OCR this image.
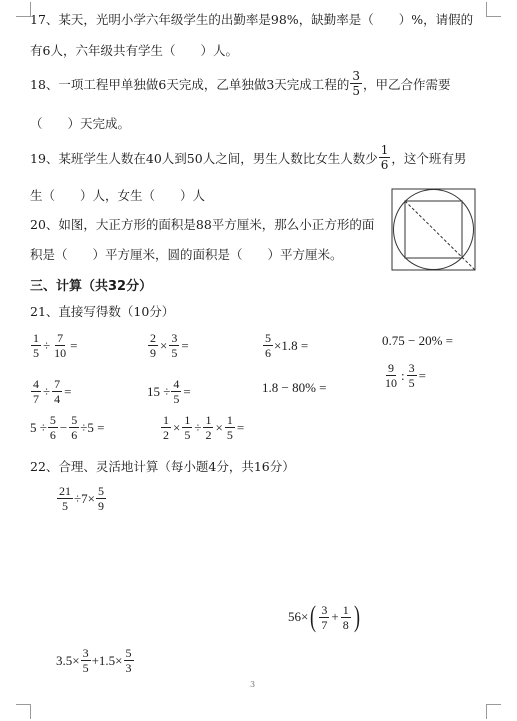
17、某天，光明小学六年级学生的出勤率是98%，缺勤率是（　　）%，请假的
有6人，六年级共有学生（　　）人。
18、一项工程甲单独做6天完成，乙单独做3天完成工程的 $\frac{3}{5}$ ，甲乙合作需要
（　　）天完成。
19、某班学生人数在40人到50人之间，男生人数比女生人数少 $\frac{1}{6}$ ，这个班有男
生（　　）人，女生（　　）人
20、如图，大正方形的面积是88平方厘米，那么小正方形的面
积是（　　）平方厘米，圆的面积是（　　）平方厘米。
三、计算（共32分）
21、直接写得数（10分）
$\frac{1}{5} \div \frac{7}{10}$ =	$\frac{2}{9} \times \frac{3}{5}$ =	$\frac{5}{6} \times 1.8$ =	0.75 − 20% =
$\frac{4}{7} \div \frac{7}{4}$ =	$15 \div \frac{4}{5}$ =	1.8 − 80% =	$\frac{9}{10}$ : $\frac{3}{5}$ =
$5 \div \frac{5}{6} - \frac{5}{6} \div 5$ =	$\frac{1}{2} \times \frac{1}{5} \div \frac{1}{2} \times \frac{1}{5}$ =
22、合理、灵活地计算（每小题4分，共16分）
$\frac{21}{5} \div 7\times \frac{5}{9}$
56× ( $\frac{3}{7} + \frac{1}{8}$ )
$3.5\times \frac{3}{5} +1.5\times \frac{5}{3}$
3
